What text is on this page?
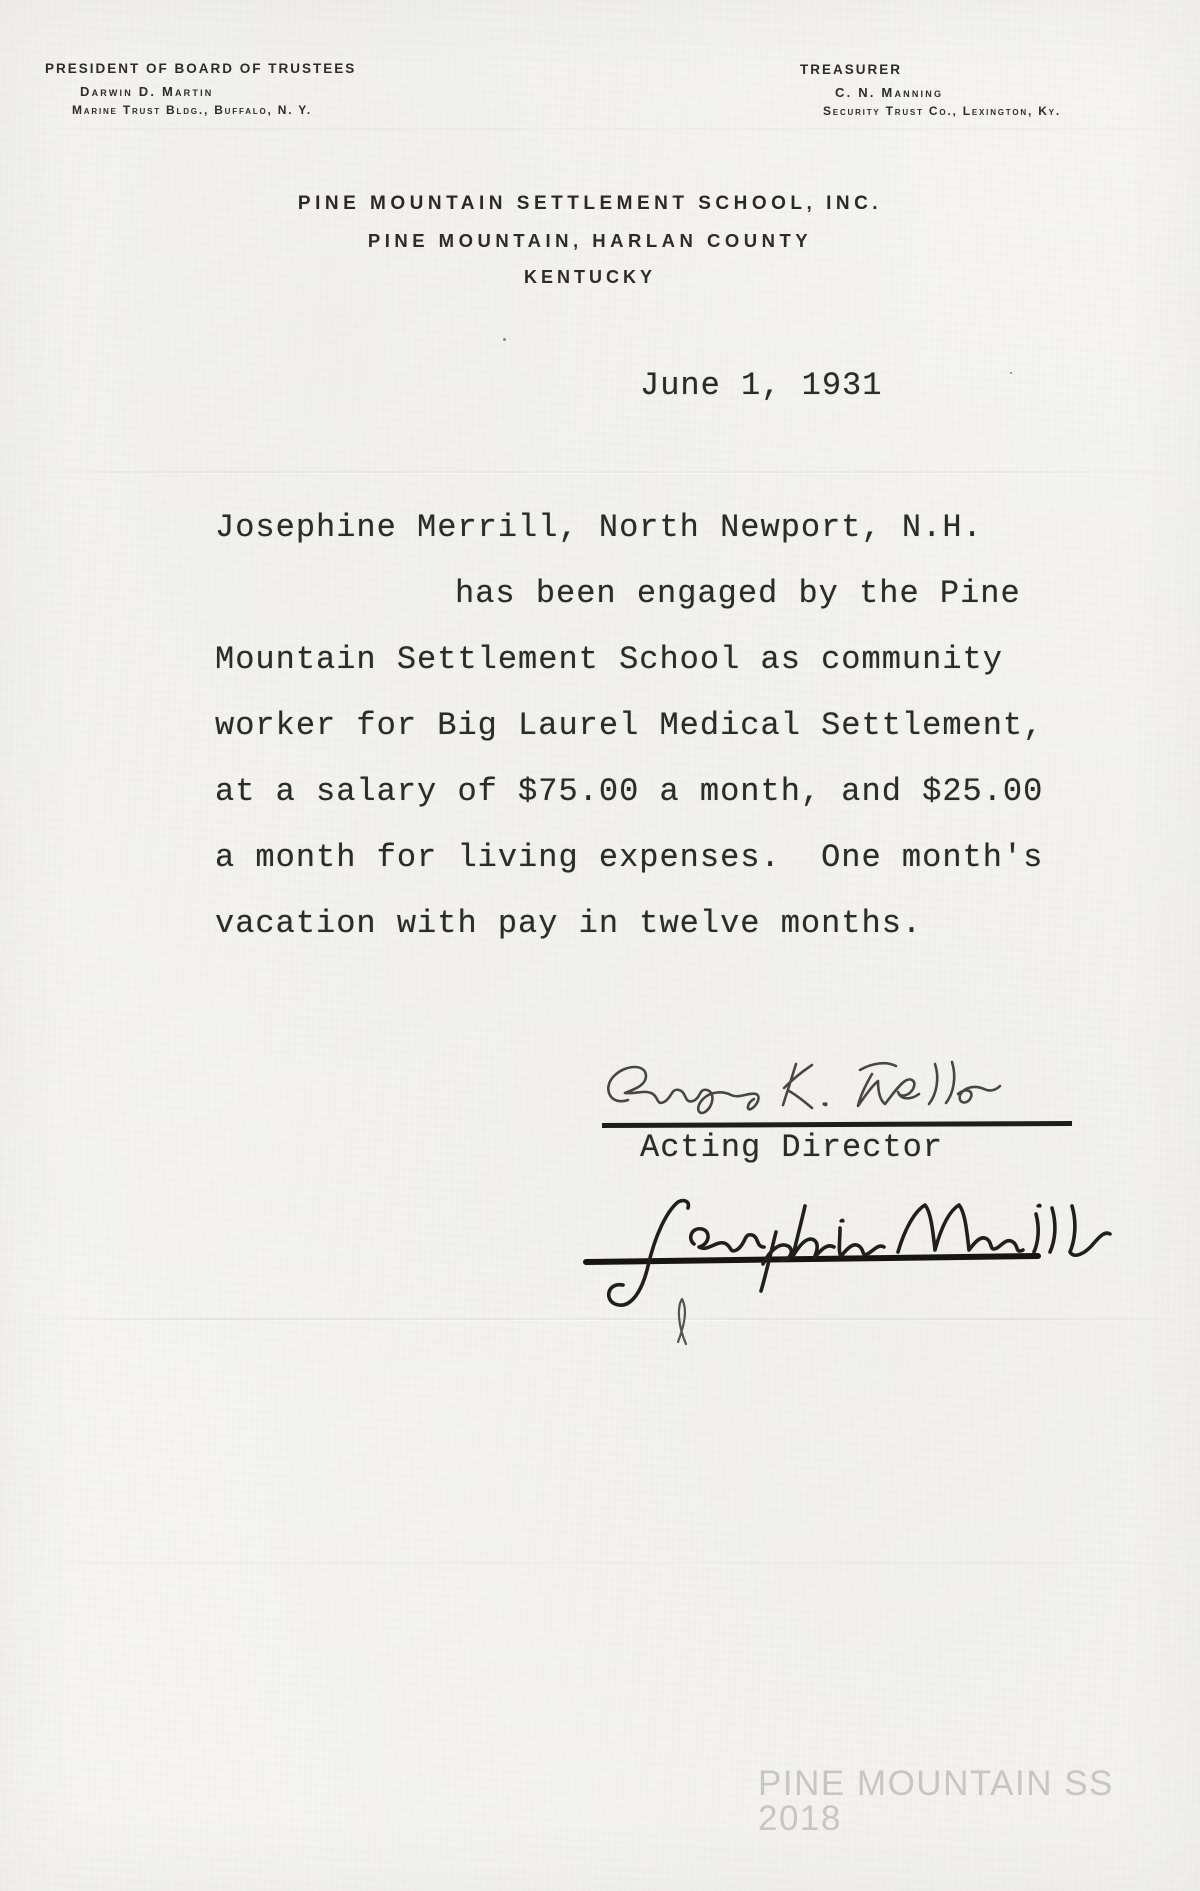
PRESIDENT OF BOARD OF TRUSTEES
Darwin D. Martin
Marine Trust Bldg., Buffalo, N. Y.
TREASURER
C. N. Manning
Security Trust Co., Lexington, Ky.
PINE MOUNTAIN SETTLEMENT SCHOOL, INC.
PINE MOUNTAIN, HARLAN COUNTY
KENTUCKY
June 1, 1931
Josephine Merrill, North Newport, N.H.
has been engaged by the Pine
Mountain Settlement School as community
worker for Big Laurel Medical Settlement,
at a salary of $75.00 a month, and $25.00
a month for living expenses.  One month's
vacation with pay in twelve months.
Acting Director
PINE MOUNTAIN SS 2018
